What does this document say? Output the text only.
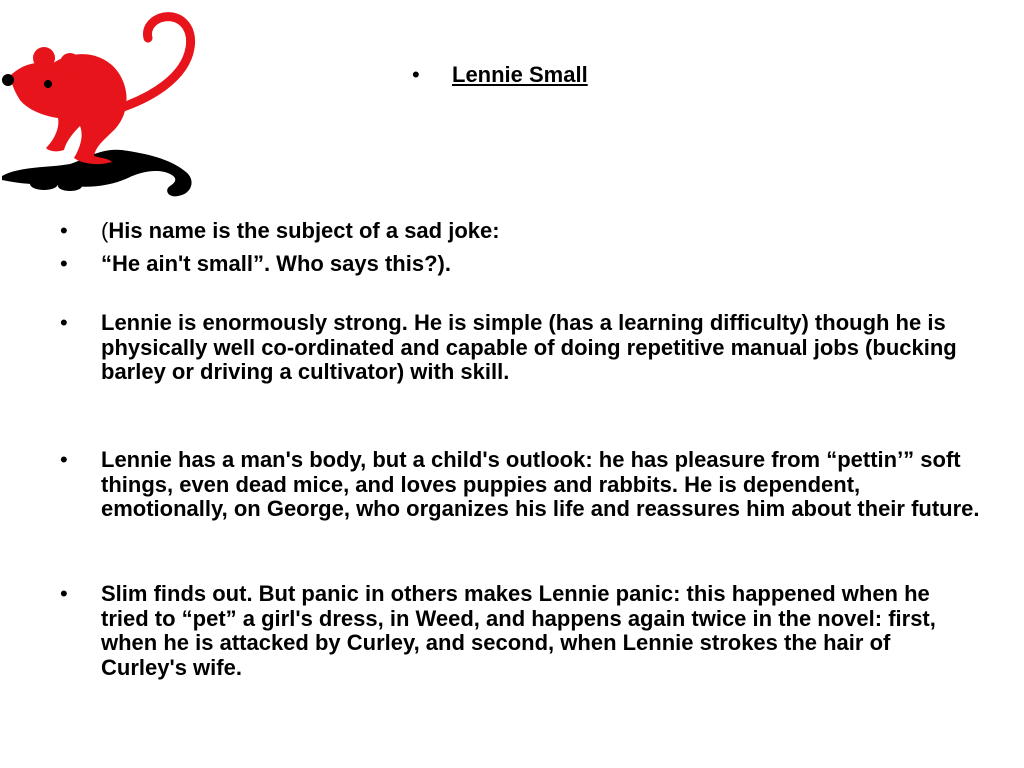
• Lennie Small
• (His name is the subject of a sad joke:
• “He ain't small”. Who says this?).
• Lennie is enormously strong. He is simple (has a learning difficulty) though he is physically well co-ordinated and capable of doing repetitive manual jobs (bucking barley or driving a cultivator) with skill.
• Lennie has a man's body, but a child's outlook: he has pleasure from “pettin’” soft things, even dead mice, and loves puppies and rabbits. He is dependent, emotionally, on George, who organizes his life and reassures him about their future.
• Slim finds out. But panic in others makes Lennie panic: this happened when he tried to “pet” a girl's dress, in Weed, and happens again twice in the novel: first, when he is attacked by Curley, and second, when Lennie strokes the hair of Curley's wife.
